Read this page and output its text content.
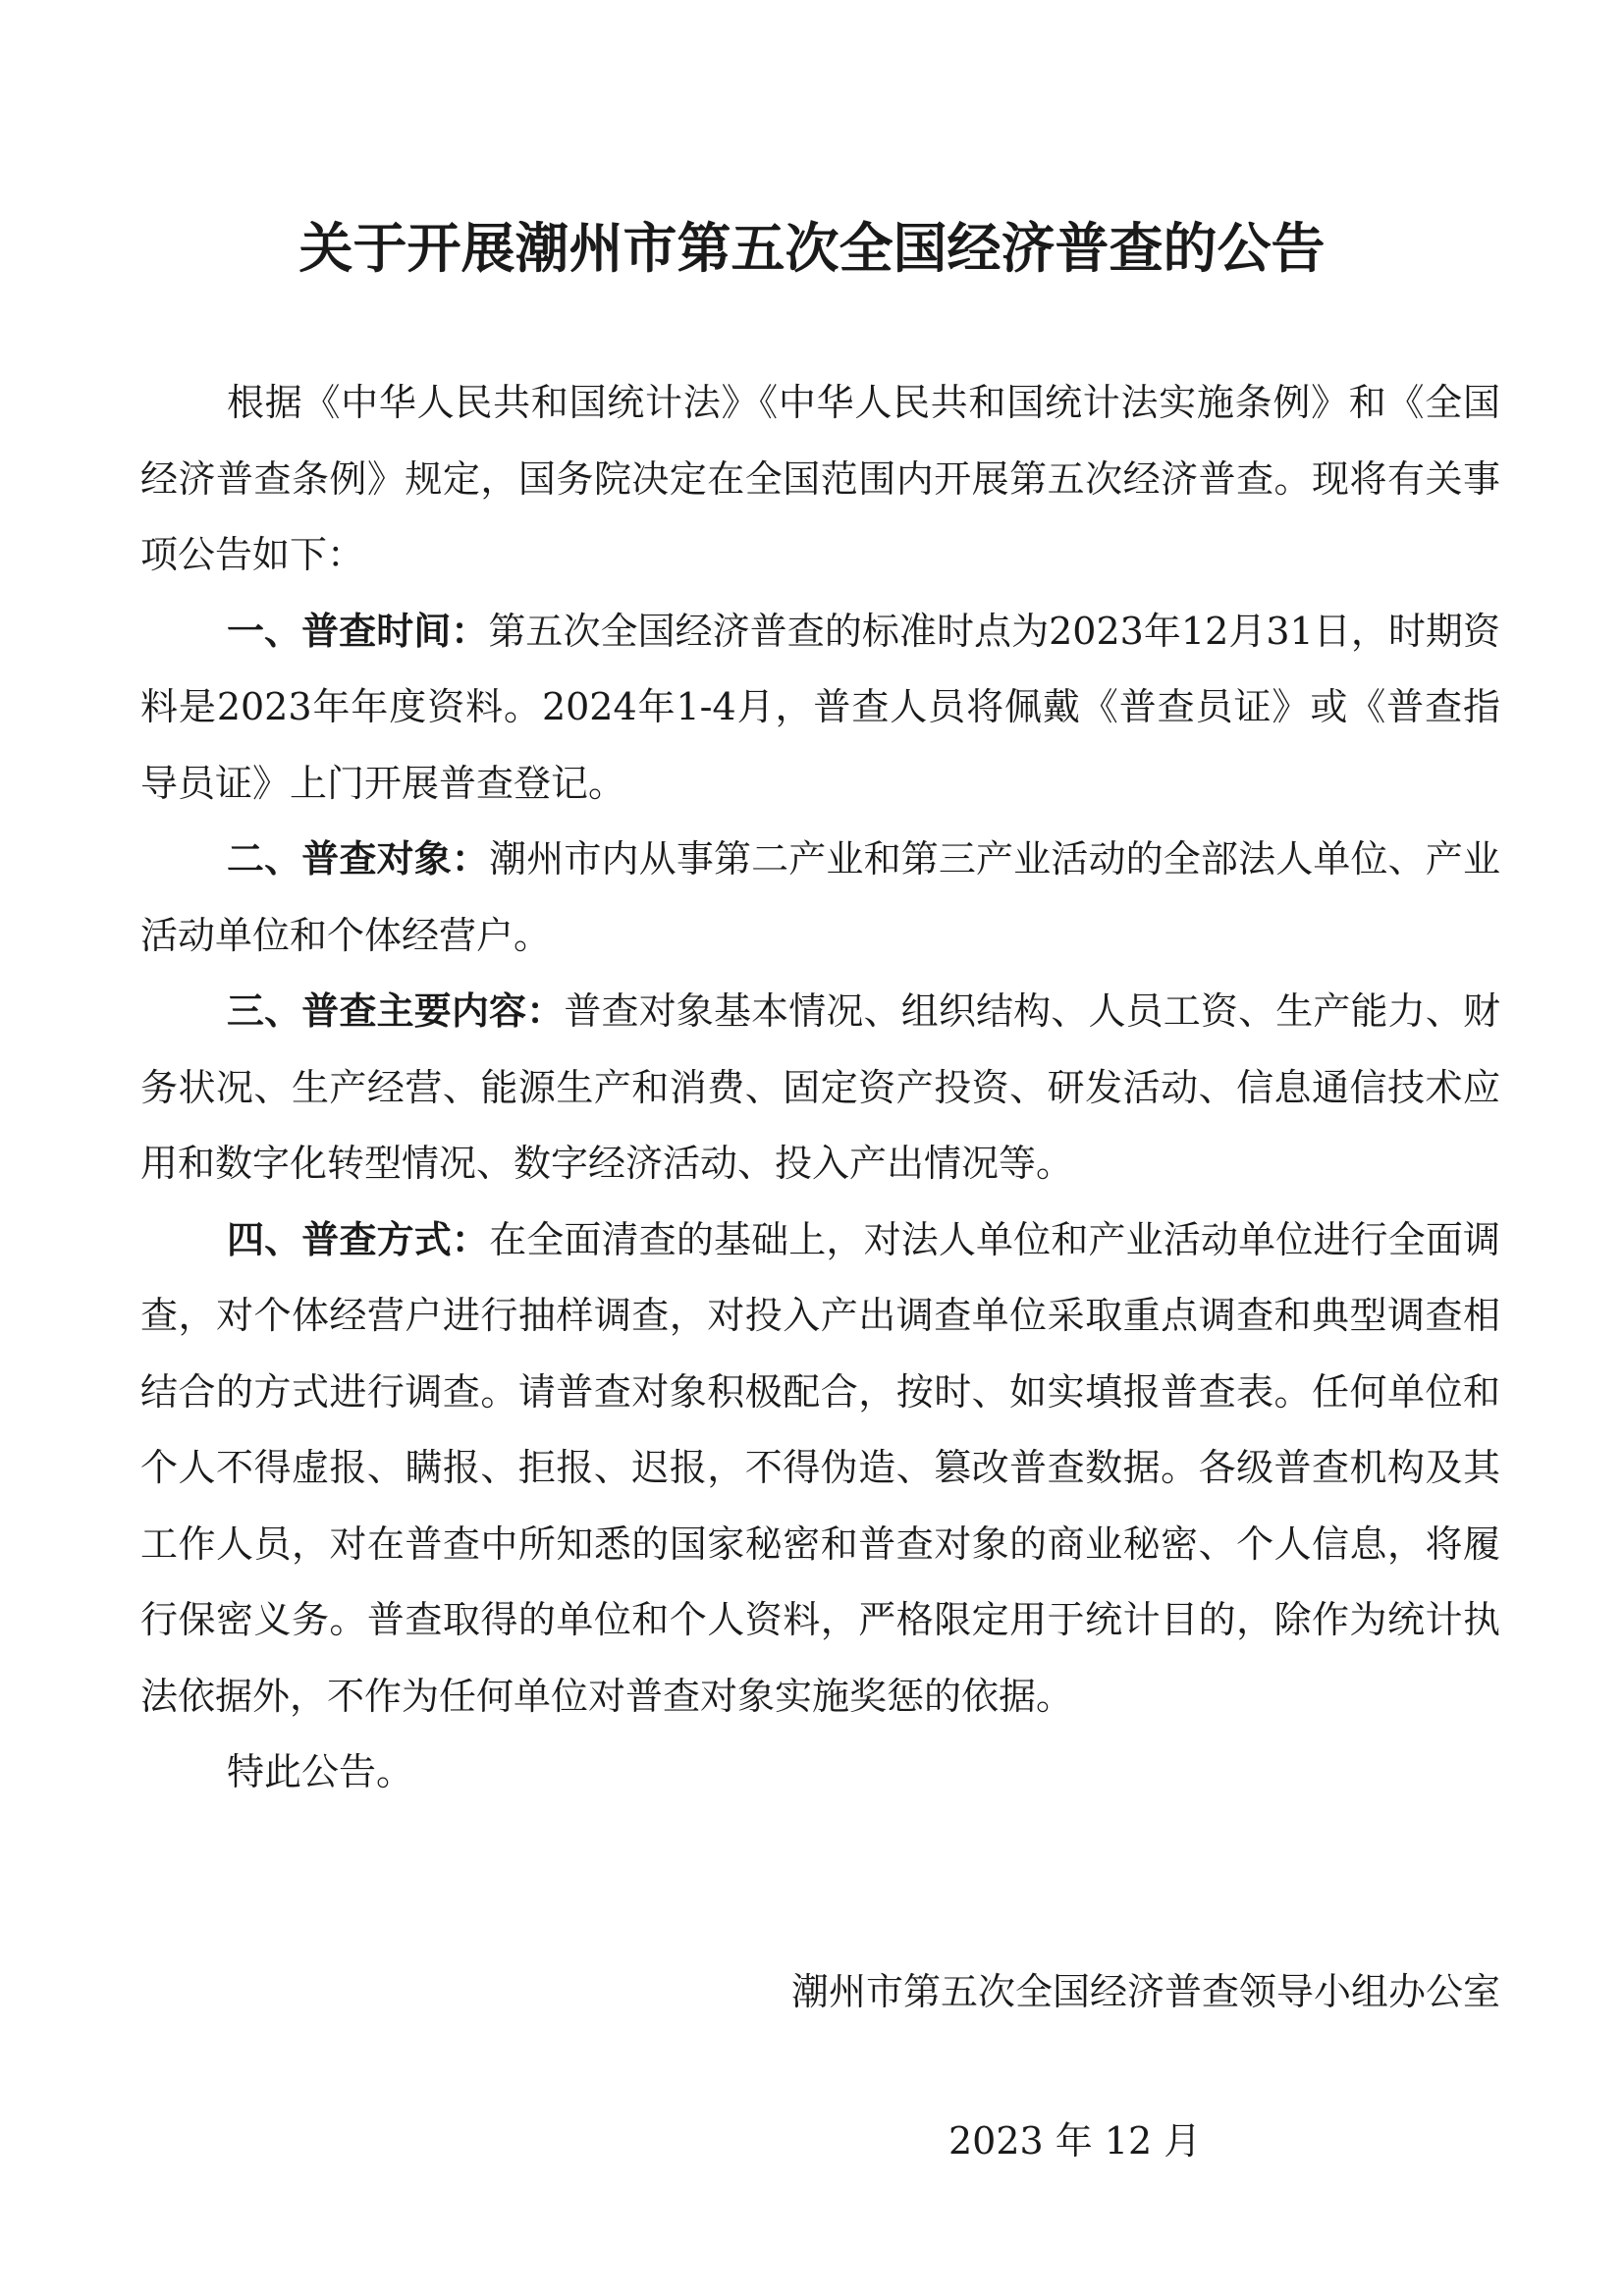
关于开展潮州市第五次全国经济普查的公告

根据《中华人民共和国统计法》《中华人民共和国统计法实施条例》和《全国经济普查条例》规定，国务院决定在全国范围内开展第五次经济普查。现将有关事项公告如下：

一、普查时间：第五次全国经济普查的标准时点为2023年12月31日，时期资料是2023年年度资料。2024年1-4月，普查人员将佩戴《普查员证》或《普查指导员证》上门开展普查登记。

二、普查对象：潮州市内从事第二产业和第三产业活动的全部法人单位、产业活动单位和个体经营户。

三、普查主要内容：普查对象基本情况、组织结构、人员工资、生产能力、财务状况、生产经营、能源生产和消费、固定资产投资、研发活动、信息通信技术应用和数字化转型情况、数字经济活动、投入产出情况等。

四、普查方式：在全面清查的基础上，对法人单位和产业活动单位进行全面调查，对个体经营户进行抽样调查，对投入产出调查单位采取重点调查和典型调查相结合的方式进行调查。请普查对象积极配合，按时、如实填报普查表。任何单位和个人不得虚报、瞒报、拒报、迟报，不得伪造、篡改普查数据。各级普查机构及其工作人员，对在普查中所知悉的国家秘密和普查对象的商业秘密、个人信息，将履行保密义务。普查取得的单位和个人资料，严格限定用于统计目的，除作为统计执法依据外，不作为任何单位对普查对象实施奖惩的依据。

特此公告。

潮州市第五次全国经济普查领导小组办公室

2023 年 12 月
